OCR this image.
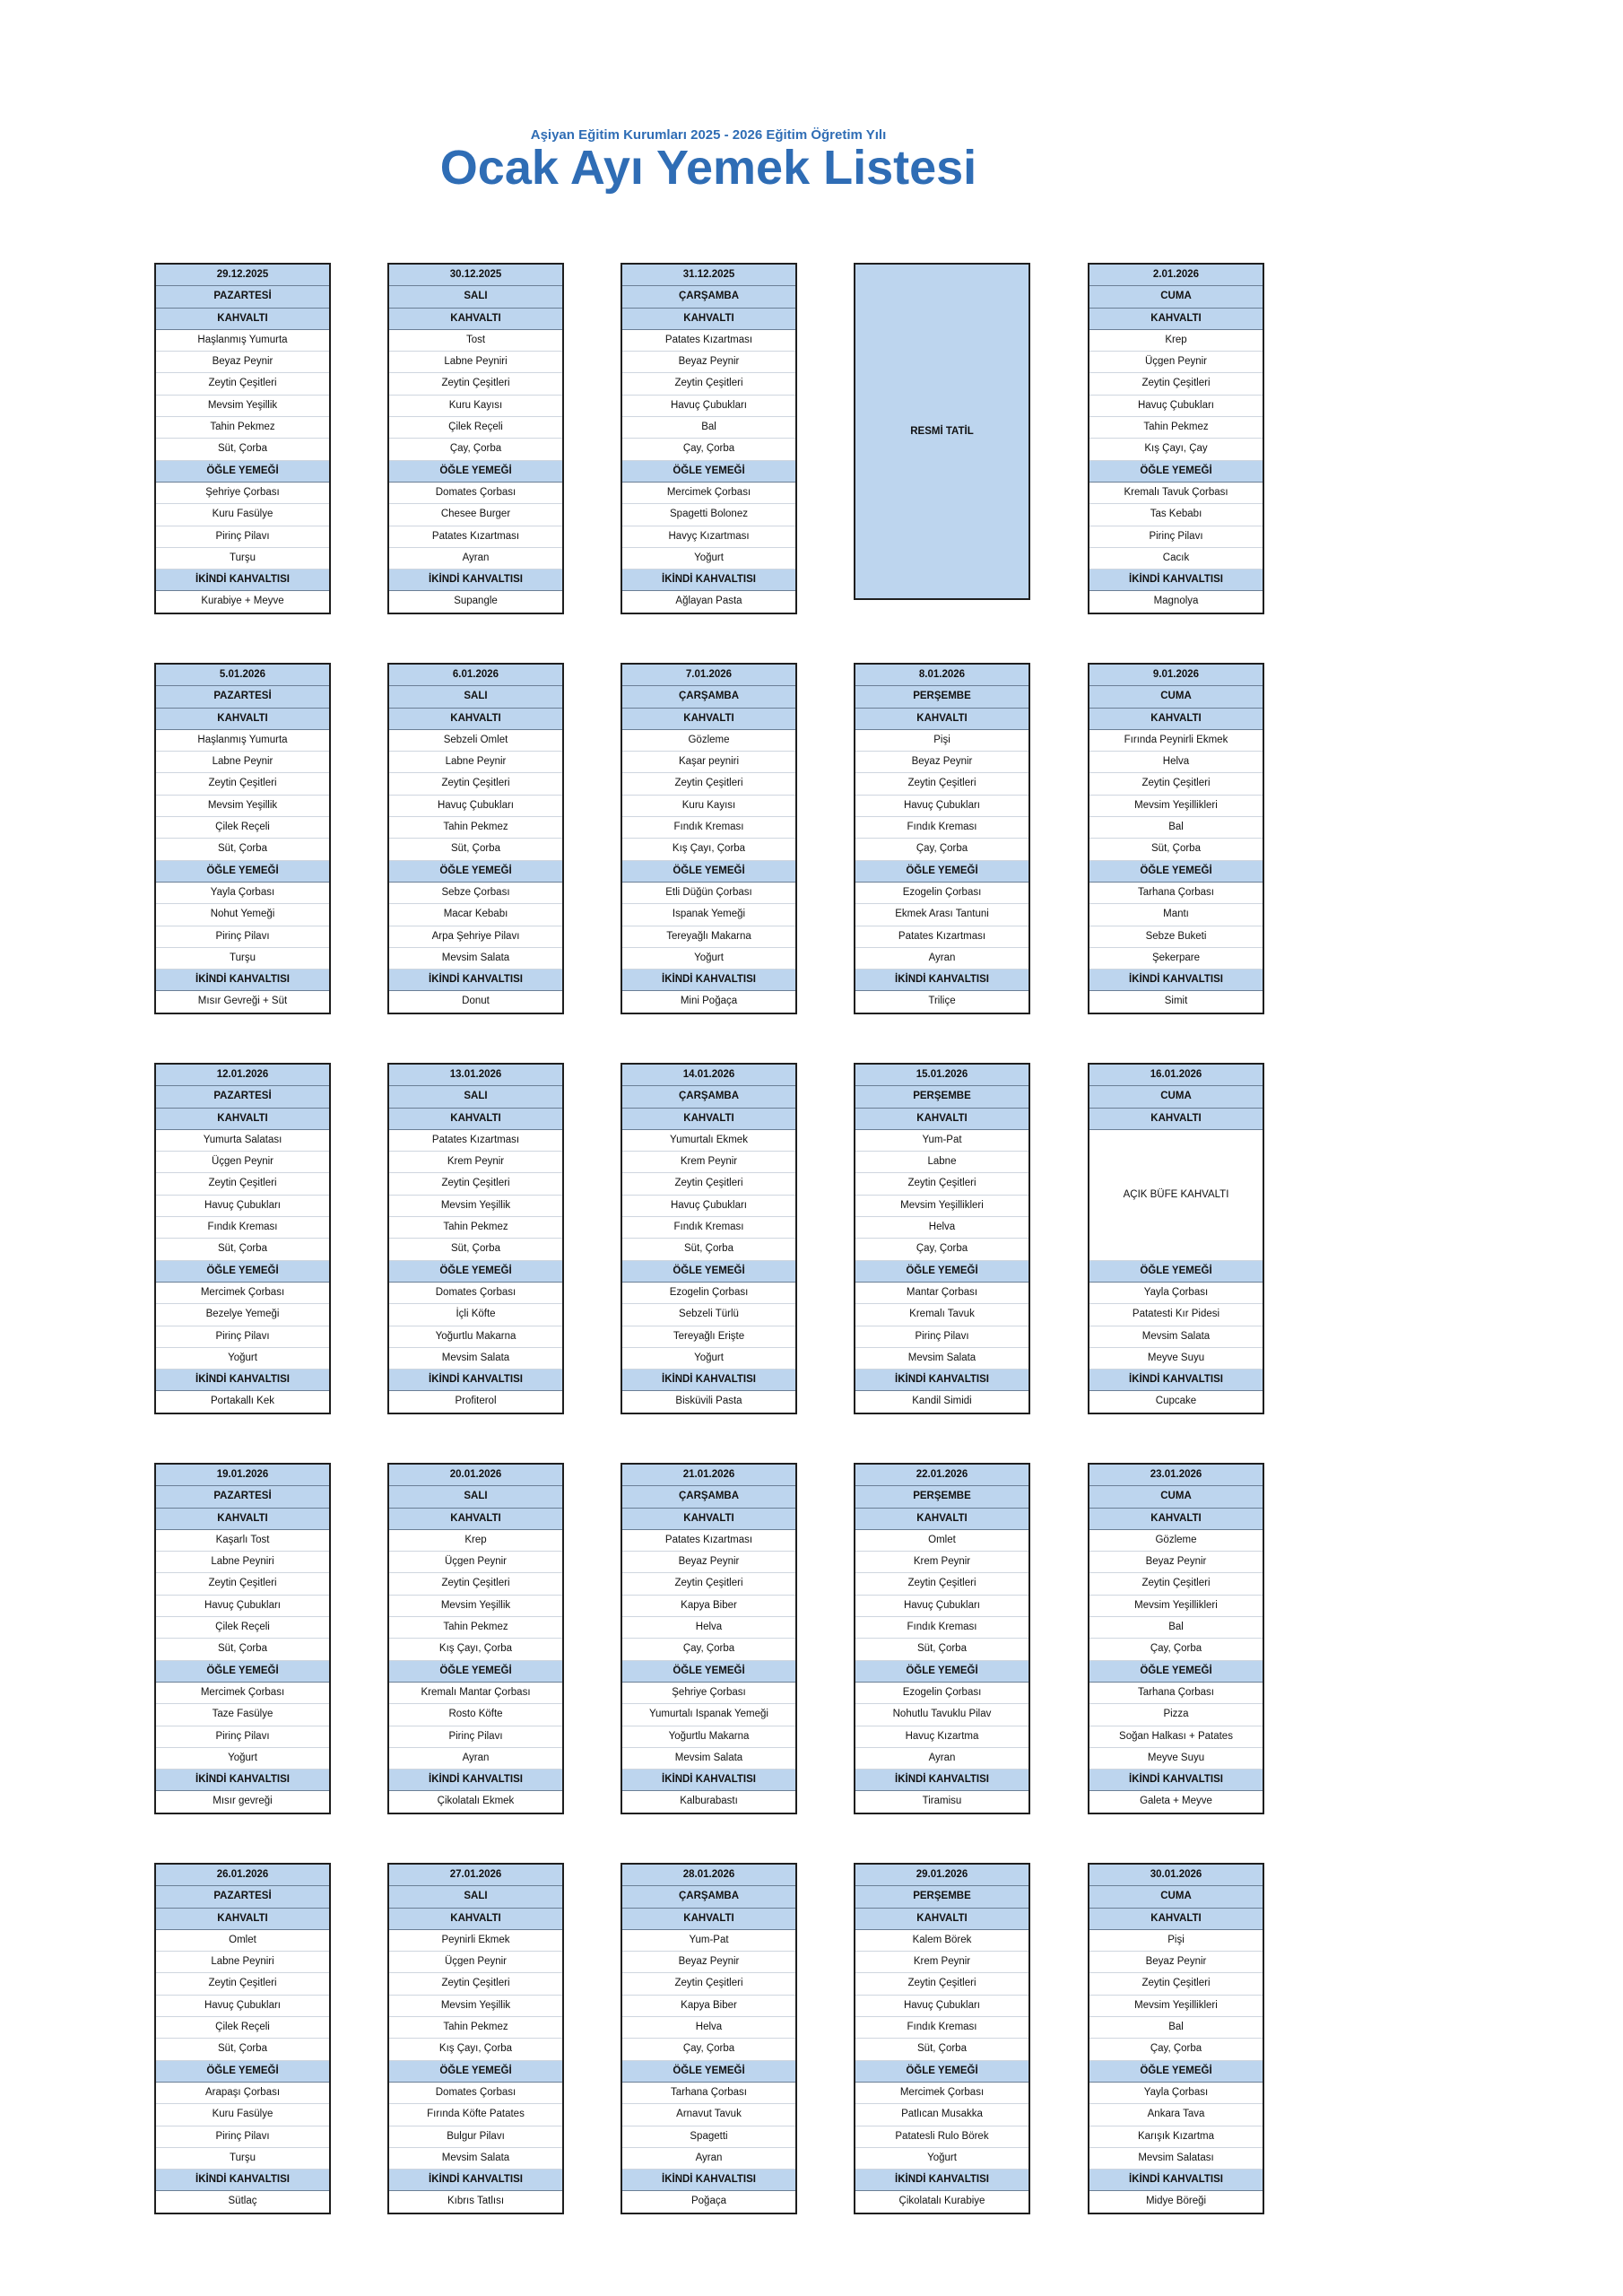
Aşiyan Eğitim Kurumları 2025 - 2026 Eğitim Öğretim Yılı
Ocak Ayı Yemek Listesi
29.12.2025
PAZARTESİ
KAHVALTI
Haşlanmış Yumurta
Beyaz Peynir
Zeytin Çeşitleri
Mevsim Yeşillik
Tahin Pekmez
Süt, Çorba
ÖĞLE YEMEĞİ
Şehriye Çorbası
Kuru Fasülye
Pirinç Pilavı
Turşu
İKİNDİ KAHVALTISI
Kurabiye + Meyve
30.12.2025
SALI
KAHVALTI
Tost
Labne Peyniri
Zeytin Çeşitleri
Kuru Kayısı
Çilek Reçeli
Çay, Çorba
ÖĞLE YEMEĞİ
Domates Çorbası
Chesee Burger
Patates Kızartması
Ayran
İKİNDİ KAHVALTISI
Supangle
31.12.2025
ÇARŞAMBA
KAHVALTI
Patates Kızartması
Beyaz Peynir
Zeytin Çeşitleri
Havuç Çubukları
Bal
Çay, Çorba
ÖĞLE YEMEĞİ
Mercimek Çorbası
Spagetti Bolonez
Havyç Kızartması
Yoğurt
İKİNDİ KAHVALTISI
Ağlayan Pasta
RESMİ TATİL
2.01.2026
CUMA
KAHVALTI
Krep
Üçgen Peynir
Zeytin Çeşitleri
Havuç Çubukları
Tahin Pekmez
Kış Çayı, Çay
ÖĞLE YEMEĞİ
Kremalı Tavuk Çorbası
Tas Kebabı
Pirinç Pilavı
Cacık
İKİNDİ KAHVALTISI
Magnolya
5.01.2026
PAZARTESİ
KAHVALTI
Haşlanmış Yumurta
Labne Peynir
Zeytin Çeşitleri
Mevsim Yeşillik
Çilek Reçeli
Süt, Çorba
ÖĞLE YEMEĞİ
Yayla Çorbası
Nohut Yemeği
Pirinç Pilavı
Turşu
İKİNDİ KAHVALTISI
Mısır Gevreği + Süt
6.01.2026
SALI
KAHVALTI
Sebzeli Omlet
Labne Peynir
Zeytin Çeşitleri
Havuç Çubukları
Tahin Pekmez
Süt, Çorba
ÖĞLE YEMEĞİ
Sebze Çorbası
Macar Kebabı
Arpa Şehriye Pilavı
Mevsim Salata
İKİNDİ KAHVALTISI
Donut
7.01.2026
ÇARŞAMBA
KAHVALTI
Gözleme
Kaşar peyniri
Zeytin Çeşitleri
Kuru Kayısı
Fındık Kreması
Kış Çayı, Çorba
ÖĞLE YEMEĞİ
Etli Düğün Çorbası
Ispanak Yemeği
Tereyağlı Makarna
Yoğurt
İKİNDİ KAHVALTISI
Mini Poğaça
8.01.2026
PERŞEMBE
KAHVALTI
Pişi
Beyaz Peynir
Zeytin Çeşitleri
Havuç Çubukları
Fındık Kreması
Çay, Çorba
ÖĞLE YEMEĞİ
Ezogelin Çorbası
Ekmek Arası Tantuni
Patates Kızartması
Ayran
İKİNDİ KAHVALTISI
Triliçe
9.01.2026
CUMA
KAHVALTI
Fırında Peynirli Ekmek
Helva
Zeytin Çeşitleri
Mevsim Yeşillikleri
Bal
Süt, Çorba
ÖĞLE YEMEĞİ
Tarhana Çorbası
Mantı
Sebze Buketi
Şekerpare
İKİNDİ KAHVALTISI
Simit
12.01.2026
PAZARTESİ
KAHVALTI
Yumurta Salatası
Üçgen Peynir
Zeytin Çeşitleri
Havuç Çubukları
Fındık Kreması
Süt, Çorba
ÖĞLE YEMEĞİ
Mercimek Çorbası
Bezelye Yemeği
Pirinç Pilavı
Yoğurt
İKİNDİ KAHVALTISI
Portakallı Kek
13.01.2026
SALI
KAHVALTI
Patates Kızartması
Krem Peynir
Zeytin Çeşitleri
Mevsim Yeşillik
Tahin Pekmez
Süt, Çorba
ÖĞLE YEMEĞİ
Domates Çorbası
İçli Köfte
Yoğurtlu Makarna
Mevsim Salata
İKİNDİ KAHVALTISI
Profiterol
14.01.2026
ÇARŞAMBA
KAHVALTI
Yumurtalı Ekmek
Krem Peynir
Zeytin Çeşitleri
Havuç Çubukları
Fındık Kreması
Süt, Çorba
ÖĞLE YEMEĞİ
Ezogelin Çorbası
Sebzeli Türlü
Tereyağlı Erişte
Yoğurt
İKİNDİ KAHVALTISI
Bisküvili Pasta
15.01.2026
PERŞEMBE
KAHVALTI
Yum-Pat
Labne
Zeytin Çeşitleri
Mevsim Yeşillikleri
Helva
Çay, Çorba
ÖĞLE YEMEĞİ
Mantar Çorbası
Kremalı Tavuk
Pirinç Pilavı
Mevsim Salata
İKİNDİ KAHVALTISI
Kandil Simidi
16.01.2026
CUMA
KAHVALTI
AÇIK BÜFE KAHVALTI
ÖĞLE YEMEĞİ
Yayla Çorbası
Patatesti Kır Pidesi
Mevsim Salata
Meyve Suyu
İKİNDİ KAHVALTISI
Cupcake
19.01.2026
PAZARTESİ
KAHVALTI
Kaşarlı Tost
Labne Peyniri
Zeytin Çeşitleri
Havuç Çubukları
Çilek Reçeli
Süt, Çorba
ÖĞLE YEMEĞİ
Mercimek Çorbası
Taze Fasülye
Pirinç Pilavı
Yoğurt
İKİNDİ KAHVALTISI
Mısır gevreği
20.01.2026
SALI
KAHVALTI
Krep
Üçgen Peynir
Zeytin Çeşitleri
Mevsim Yeşillik
Tahin Pekmez
Kış Çayı, Çorba
ÖĞLE YEMEĞİ
Kremalı Mantar Çorbası
Rosto Köfte
Pirinç Pilavı
Ayran
İKİNDİ KAHVALTISI
Çikolatalı Ekmek
21.01.2026
ÇARŞAMBA
KAHVALTI
Patates Kızartması
Beyaz Peynir
Zeytin Çeşitleri
Kapya Biber
Helva
Çay, Çorba
ÖĞLE YEMEĞİ
Şehriye Çorbası
Yumurtalı Ispanak Yemeği
Yoğurtlu Makarna
Mevsim Salata
İKİNDİ KAHVALTISI
Kalburabastı
22.01.2026
PERŞEMBE
KAHVALTI
Omlet
Krem Peynir
Zeytin Çeşitleri
Havuç Çubukları
Fındık Kreması
Süt, Çorba
ÖĞLE YEMEĞİ
Ezogelin Çorbası
Nohutlu Tavuklu Pilav
Havuç Kızartma
Ayran
İKİNDİ KAHVALTISI
Tiramisu
23.01.2026
CUMA
KAHVALTI
Gözleme
Beyaz Peynir
Zeytin Çeşitleri
Mevsim Yeşillikleri
Bal
Çay, Çorba
ÖĞLE YEMEĞİ
Tarhana Çorbası
Pizza
Soğan Halkası + Patates
Meyve Suyu
İKİNDİ KAHVALTISI
Galeta + Meyve
26.01.2026
PAZARTESİ
KAHVALTI
Omlet
Labne Peyniri
Zeytin Çeşitleri
Havuç Çubukları
Çilek Reçeli
Süt, Çorba
ÖĞLE YEMEĞİ
Arapaşı Çorbası
Kuru Fasülye
Pirinç Pilavı
Turşu
İKİNDİ KAHVALTISI
Sütlaç
27.01.2026
SALI
KAHVALTI
Peynirli Ekmek
Üçgen Peynir
Zeytin Çeşitleri
Mevsim Yeşillik
Tahin Pekmez
Kış Çayı, Çorba
ÖĞLE YEMEĞİ
Domates Çorbası
Fırında Köfte Patates
Bulgur Pilavı
Mevsim Salata
İKİNDİ KAHVALTISI
Kıbrıs Tatlısı
28.01.2026
ÇARŞAMBA
KAHVALTI
Yum-Pat
Beyaz Peynir
Zeytin Çeşitleri
Kapya Biber
Helva
Çay, Çorba
ÖĞLE YEMEĞİ
Tarhana Çorbası
Arnavut Tavuk
Spagetti
Ayran
İKİNDİ KAHVALTISI
Poğaça
29.01.2026
PERŞEMBE
KAHVALTI
Kalem Börek
Krem Peynir
Zeytin Çeşitleri
Havuç Çubukları
Fındık Kreması
Süt, Çorba
ÖĞLE YEMEĞİ
Mercimek Çorbası
Patlıcan Musakka
Patatesli Rulo Börek
Yoğurt
İKİNDİ KAHVALTISI
Çikolatalı Kurabiye
30.01.2026
CUMA
KAHVALTI
Pişi
Beyaz Peynir
Zeytin Çeşitleri
Mevsim Yeşillikleri
Bal
Çay, Çorba
ÖĞLE YEMEĞİ
Yayla Çorbası
Ankara Tava
Karışık Kızartma
Mevsim Salatası
İKİNDİ KAHVALTISI
Midye Böreği
